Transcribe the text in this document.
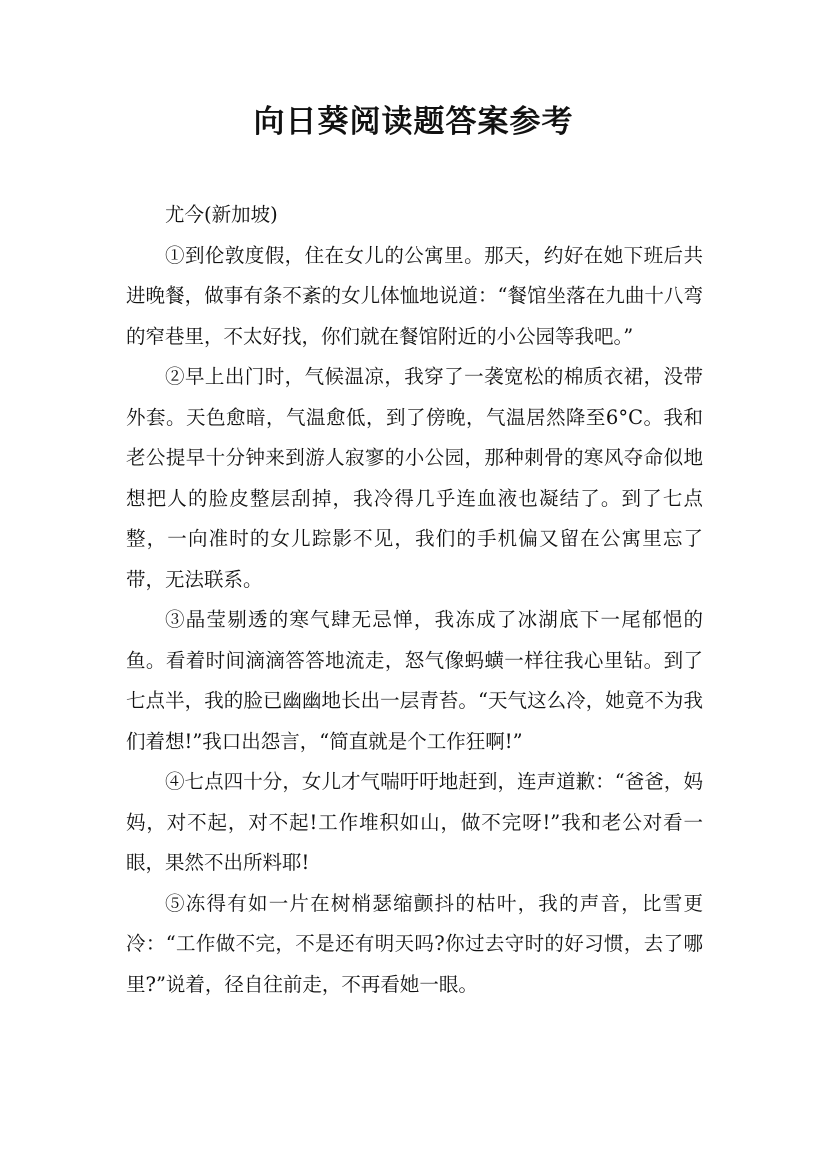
向日葵阅读题答案参考

尤今(新加坡)

①到伦敦度假，住在女儿的公寓里。那天，约好在她下班后共进晚餐，做事有条不紊的女儿体恤地说道：“餐馆坐落在九曲十八弯的窄巷里，不太好找，你们就在餐馆附近的小公园等我吧。”

②早上出门时，气候温凉，我穿了一袭宽松的棉质衣裙，没带外套。天色愈暗，气温愈低，到了傍晚，气温居然降至6°C。我和老公提早十分钟来到游人寂寥的小公园，那种刺骨的寒风夺命似地想把人的脸皮整层刮掉，我冷得几乎连血液也凝结了。到了七点整，一向准时的女儿踪影不见，我们的手机偏又留在公寓里忘了带，无法联系。

③晶莹剔透的寒气肆无忌惮，我冻成了冰湖底下一尾郁悒的鱼。看着时间滴滴答答地流走，怒气像蚂蟥一样往我心里钻。到了七点半，我的脸已幽幽地长出一层青苔。“天气这么冷，她竟不为我们着想!”我口出怨言，“简直就是个工作狂啊!”

④七点四十分，女儿才气喘吁吁地赶到，连声道歉：“爸爸，妈妈，对不起，对不起!工作堆积如山，做不完呀!”我和老公对看一眼，果然不出所料耶!

⑤冻得有如一片在树梢瑟缩颤抖的枯叶，我的声音，比雪更冷：“工作做不完，不是还有明天吗?你过去守时的好习惯，去了哪里?”说着，径自往前走，不再看她一眼。
